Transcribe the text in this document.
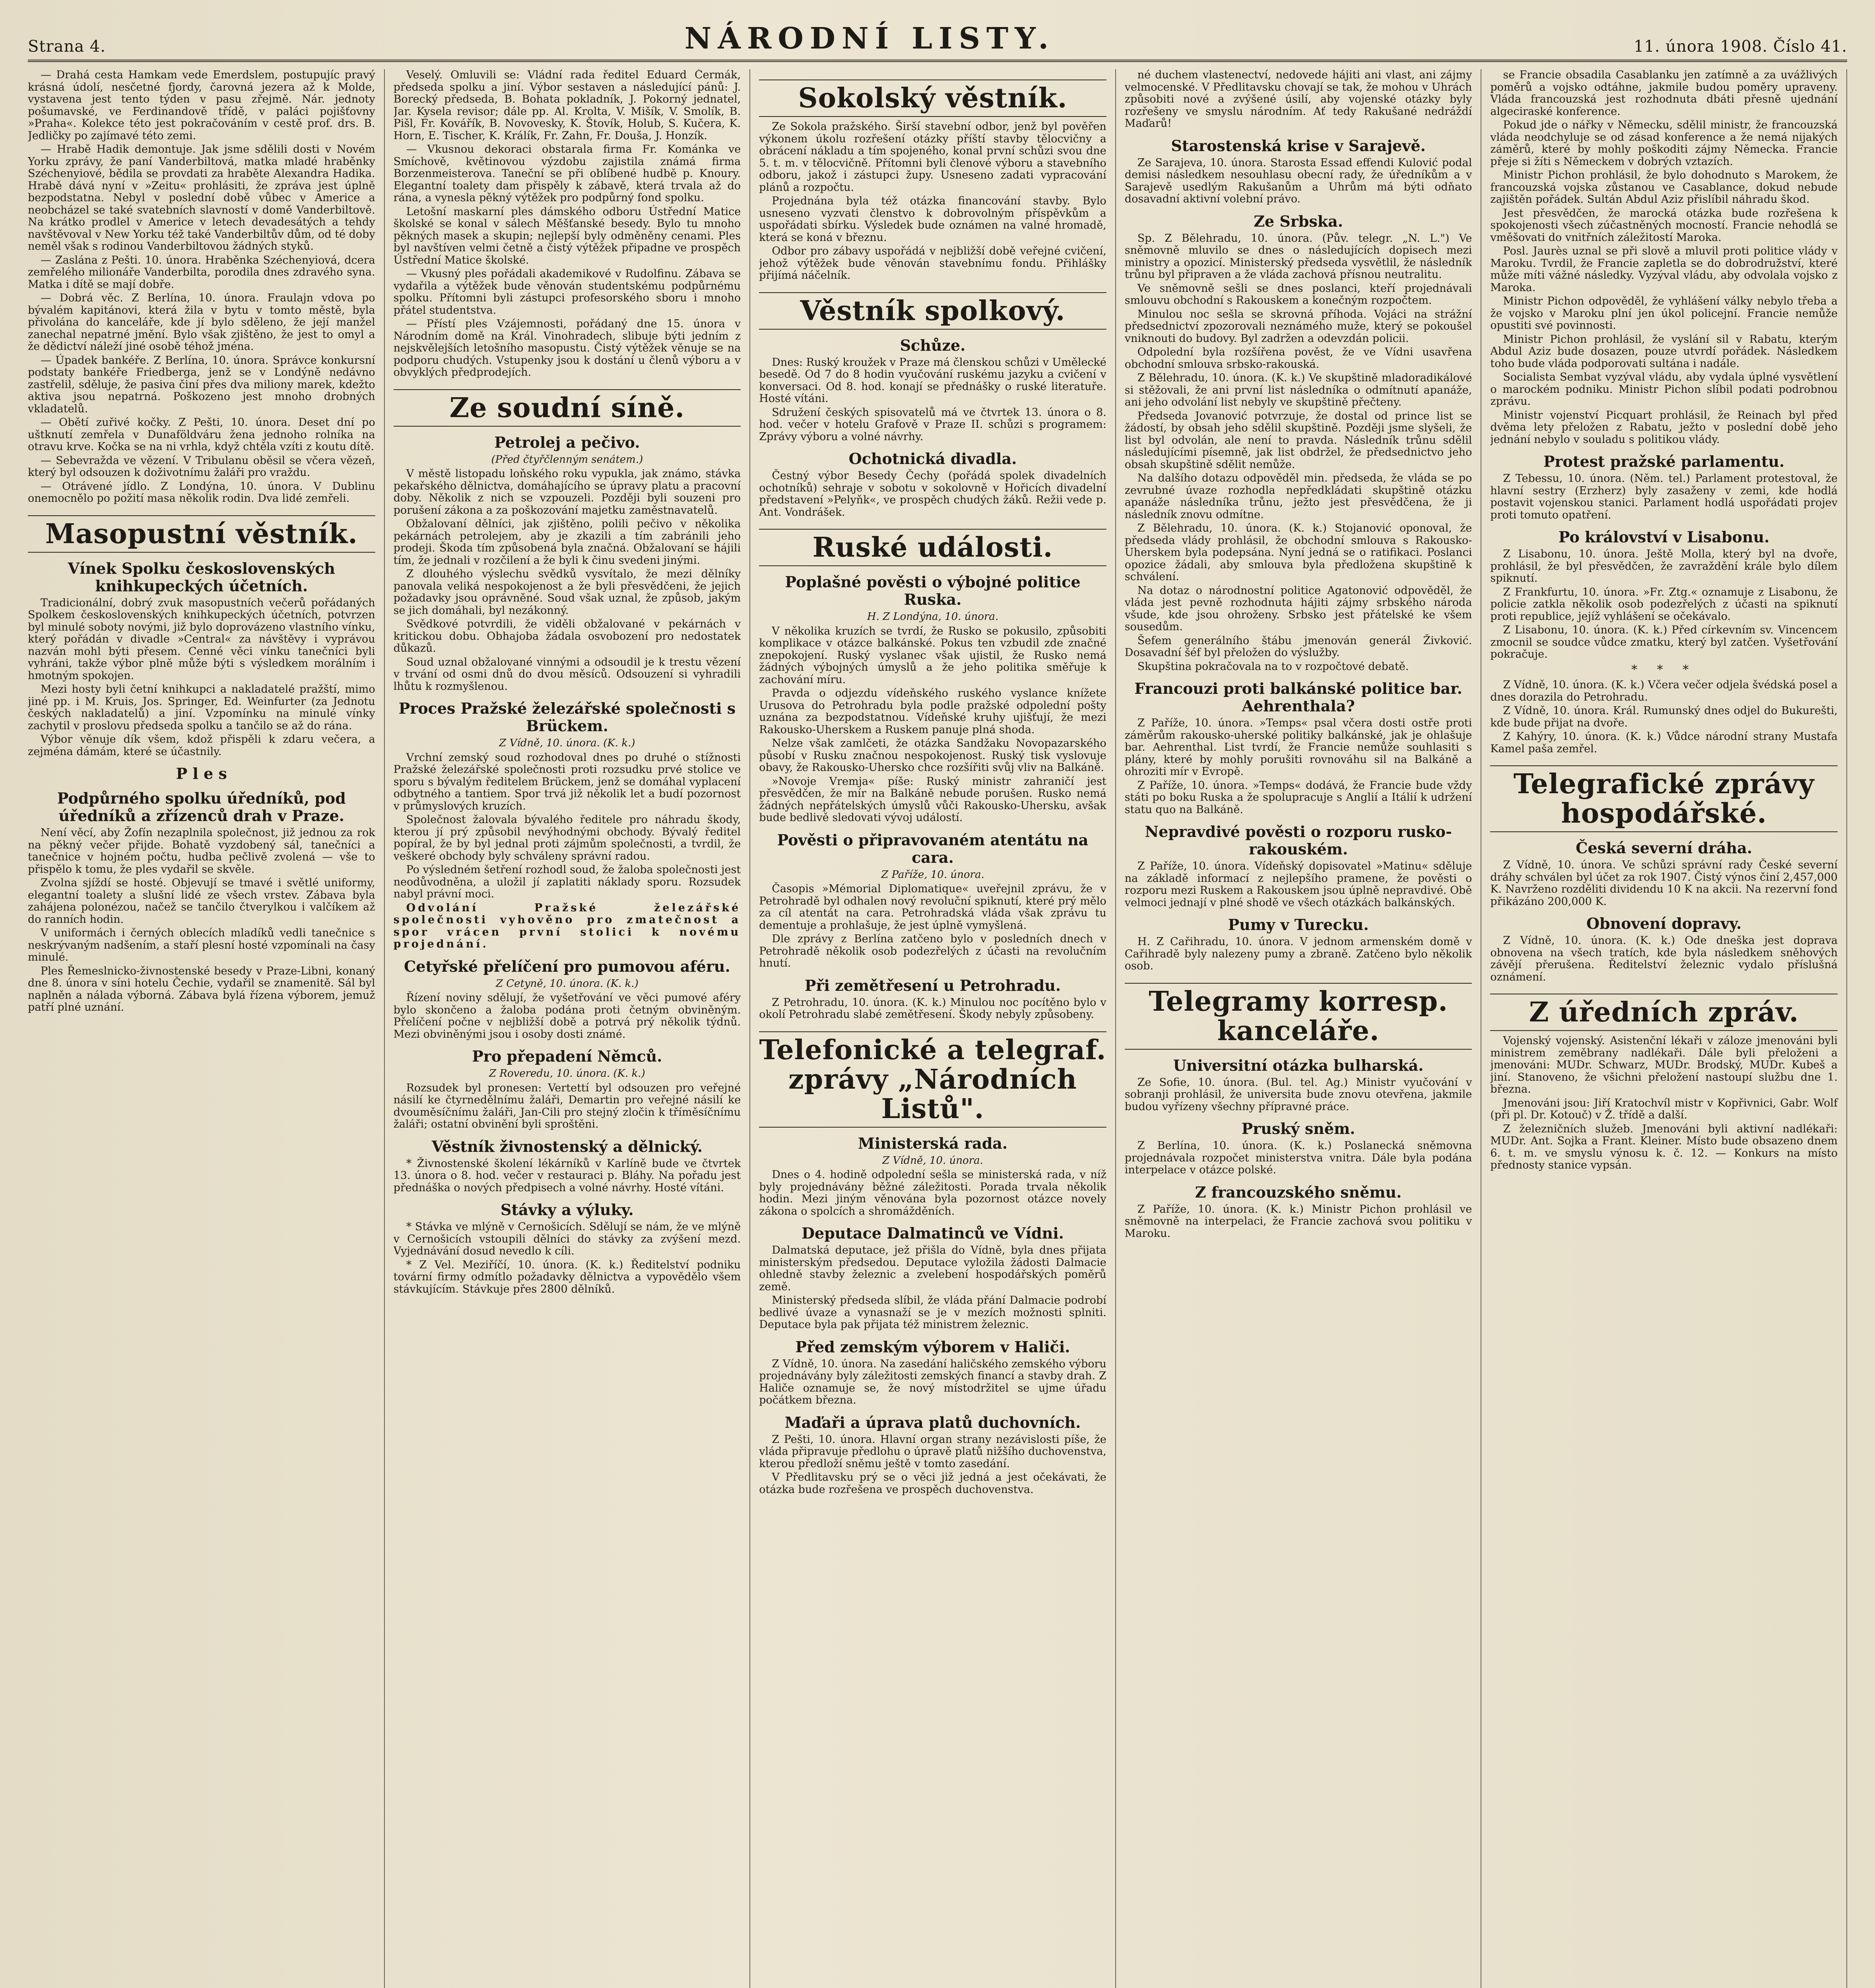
Strana 4.	NÁRODNÍ LISTY.	11. února 1908. Číslo 41.

— Drahá cesta Hamkam vede Emerdslem, postupujíc pravý krásná údolí, nesčetné fjordy, čarovná jezera až k Molde, vystavena jest tento týden v pasu zřejmě. Nár. jednoty pošumavské, ve Ferdinandově třídě, v paláci pojišťovny »Praha«. Kolekce této jest pokračováním v cestě prof. drs. B. Jedličky po zajímavé této zemi.

— Hrabě Hadik demontuje. Jak jsme sdělili dosti v Novém Yorku zprávy, že paní Vanderbiltová, matka mladé hraběnky Széchenyiové, bědila se provdati za hraběte Alexandra Hadika. Hrabě dává nyní v »Zeitu« prohlásiti, že zpráva jest úplně bezpodstatna. Nebyl v poslední době vůbec v Americe a neobcházel se také svatebních slavností v domě Vanderbiltově. Na krátko prodlel v Americe v letech devadesátých a tehdy navštěvoval v New Yorku též také Vanderbiltův dům, od té doby neměl však s rodinou Vanderbiltovou žádných styků.

— Zaslána z Pešti. 10. února. Hraběnka Széchenyiová, dcera zemřelého milionáře Vanderbilta, porodila dnes zdravého syna. Matka i dítě se mají dobře.

— Dobrá věc. Z Berlína, 10. února. Fraulajn vdova po bývalém kapitánovi, která žila v bytu v tomto městě, byla přivolána do kanceláře, kde jí bylo sděleno, že její manžel zanechal nepatrné jmění. Bylo však zjištěno, že jest to omyl a že dědictví náleží jiné osobě téhož jména.

— Úpadek bankéře. Z Berlína, 10. února. Správce konkursní podstaty bankéře Friedberga, jenž se v Londýně nedávno zastřelil, sděluje, že pasiva činí přes dva miliony marek, kdežto aktiva jsou nepatrná. Poškozeno jest mnoho drobných vkladatelů.

— Obětí zuřivé kočky. Z Pešti, 10. února. Deset dní po uštknutí zemřela v Dunaföldváru žena jednoho rolníka na otravu krve. Kočka se na ni vrhla, když chtěla vzíti z koutu dítě.

— Sebevražda ve vězení. V Tribulanu oběsil se včera vězeň, který byl odsouzen k doživotnímu žaláři pro vraždu.

— Otrávené jídlo. Z Londýna, 10. února. V Dublinu onemocnělo po požití masa několik rodin. Dva lidé zemřeli.

Masopustní věstník.
Vínek Spolku československých knihkupeckých účetních.

Tradicionální, dobrý zvuk masopustních večerů pořádaných Spolkem československých knihkupeckých účetních, potvrzen byl minulé soboty novými, již bylo doprovázeno vlastního vínku, který pořádán v divadle »Central« za návštěvy i vyprávou nazván mohl býti přesem. Cenné věci vínku tanečníci byli vyhráni, takže výbor plně může býti s výsledkem morálním i hmotným spokojen.

Mezi hosty byli četní knihkupci a nakladatelé pražští, mimo jiné pp. i M. Kruis, Jos. Springer, Ed. Weinfurter (za Jednotu českých nakladatelů) a jiní. Vzpomínku na minulé vínky zachytil v proslovu předseda spolku a tančilo se až do rána.

Výbor věnuje dík všem, kdož přispěli k zdaru večera, a zejména dámám, které se účastnily.

P l e s
Podpůrného spolku úředníků, pod úředníků a zřízenců drah v Praze.

Není věcí, aby Žofín nezaplnila společnost, již jednou za rok na pěkný večer přijde. Bohatě vyzdobený sál, tanečníci a tanečnice v hojném počtu, hudba pečlivě zvolená — vše to přispělo k tomu, že ples vydařil se skvěle.

Zvolna sjíždí se hosté. Objevují se tmavé i světlé uniformy, elegantní toalety a slušní lidé ze všech vrstev. Zábava byla zahájena polonézou, načež se tančilo čtverylkou i valčíkem až do ranních hodin.

V uniformách i černých oblecích mladíků vedli tanečnice s neskrývaným nadšením, a staří plesní hosté vzpomínali na časy minulé.

Ples Řemeslnicko-živnostenské besedy v Praze-Libni, konaný dne 8. února v síni hotelu Čechie, vydařil se znamenitě. Sál byl naplněn a nálada výborná. Zábava bylá řízena výborem, jemuž patří plné uznání.

Veselý. Omluvili se: Vládní rada ředitel Eduard Čermák, předseda spolku a jiní. Výbor sestaven a následující pánů: J. Borecký předseda, B. Bohata pokladník, J. Pokorný jednatel, Jar. Kysela revisor; dále pp. Al. Krolta, V. Mišík, V. Smolík, B. Pišl, Fr. Kovářík, B. Novovesky, K. Štovík, Holub, S. Kučera, K. Horn, E. Tischer, K. Králík, Fr. Zahn, Fr. Douša, J. Honzík.

— Vkusnou dekoraci obstarala firma Fr. Kománka ve Smíchově, květinovou výzdobu zajistila známá firma Borzenmeisterova. Taneční se při oblíbené hudbě p. Knoury. Elegantní toalety dam přispěly k zábavě, která trvala až do rána, a vynesla pěkný výtěžek pro podpůrný fond spolku.

Letošní maskarní ples dámského odboru Ústřední Matice školské se konal v sálech Měšťanské besedy. Bylo tu mnoho pěkných masek a skupin; nejlepší byly odměněny cenami. Ples byl navštíven velmi četně a čistý výtěžek připadne ve prospěch Ústřední Matice školské.

— Vkusný ples pořádali akademikové v Rudolfinu. Zábava se vydařila a výtěžek bude věnován studentskému podpůrnému spolku. Přítomni byli zástupci profesorského sboru i mnoho přátel studentstva.

— Přístí ples Vzájemnosti, pořádaný dne 15. února v Národním domě na Král. Vinohradech, slibuje býti jedním z nejskvělejších letošního masopustu. Čistý výtěžek věnuje se na podporu chudých. Vstupenky jsou k dostání u členů výboru a v obvyklých předprodejích.

Ze soudní síně.
Petrolej a pečivo.
(Před čtyřčlenným senátem.)

V městě listopadu loňského roku vypukla, jak známo, stávka pekařského dělnictva, domáhajícího se úpravy platu a pracovní doby. Několik z nich se vzpouzeli. Později byli souzeni pro porušení zákona a za poškozování majetku zaměstnavatelů.

Obžalovaní dělníci, jak zjištěno, polili pečivo v několika pekárnách petrolejem, aby je zkazili a tím zabránili jeho prodeji. Škoda tím způsobená byla značná. Obžalovaní se hájili tím, že jednali v rozčilení a že byli k činu svedeni jinými.

Z dlouhého výslechu svědků vysvítalo, že mezi dělníky panovala veliká nespokojenost a že byli přesvědčeni, že jejich požadavky jsou oprávněné. Soud však uznal, že způsob, jakým se jich domáhali, byl nezákonný.

Svědkové potvrdili, že viděli obžalované v pekárnách v kritickou dobu. Obhajoba žádala osvobození pro nedostatek důkazů.

Soud uznal obžalované vinnými a odsoudil je k trestu vězení v trvání od osmi dnů do dvou měsíců. Odsouzení si vyhradili lhůtu k rozmyšlenou.

Proces Pražské železářské společnosti s Brückem.
Z Vídně, 10. února. (K. k.)

Vrchní zemský soud rozhodoval dnes po druhé o stížnosti Pražské železářské společnosti proti rozsudku prvé stolice ve sporu s bývalým ředitelem Brückem, jenž se domáhal vyplacení odbytného a tantiem. Spor trvá již několik let a budí pozornost v průmyslových kruzích.

Společnost žalovala bývalého ředitele pro náhradu škody, kterou jí prý způsobil nevýhodnými obchody. Bývalý ředitel popíral, že by byl jednal proti zájmům společnosti, a tvrdil, že veškeré obchody byly schváleny správní radou.

Po výsledném šetření rozhodl soud, že žaloba společnosti jest neodůvodněna, a uložil jí zaplatiti náklady sporu. Rozsudek nabyl právní moci.

Odvolání Pražské železářské společnosti vyhověno pro zmatečnost a spor vrácen první stolici k novému projednání.

Cetyřské přelíčení pro pumovou aféru.
Z Cetyně, 10. února. (K. k.)

Řízení noviny sdělují, že vyšetřování ve věci pumové aféry bylo skončeno a žaloba podána proti četným obviněným. Přelíčení počne v nejbližší době a potrvá prý několik týdnů. Mezi obviněnými jsou i osoby dosti známé.

Pro přepadení Němců.
Z Roveredu, 10. února. (K. k.)

Rozsudek byl pronesen: Vertettí byl odsouzen pro veřejné násilí ke čtyrnedělnímu žaláři, Demartin pro veřejné násilí ke dvouměsíčnímu žaláři, Jan-Cili pro stejný zločin k tříměsíčnímu žaláři; ostatní obvinění byli sproštěni.

Věstník živnostenský a dělnický.

* Živnostenské školení lékárníků v Karlíně bude ve čtvrtek 13. února o 8. hod. večer v restauraci p. Bláhy. Na pořadu jest přednáška o nových předpisech a volné návrhy. Hosté vítáni.

Stávky a výluky.

* Stávka ve mlýně v Cernošicích. Sdělují se nám, že ve mlýně v Cernošicích vstoupili dělníci do stávky za zvýšení mezd. Vyjednávání dosud nevedlo k cíli.

* Z Vel. Meziříčí, 10. února. (K. k.) Ředitelství podniku tovární firmy odmítlo požadavky dělnictva a vypovědělo všem stávkujícím. Stávkuje přes 2800 dělníků.

Sokolský věstník.

Ze Sokola pražského. Širší stavební odbor, jenž byl pověřen výkonem úkolu rozřešení otázky příští stavby tělocvičny a obrácení nákladu a tím spojeného, konal první schůzi svou dne 5. t. m. v tělocvičně. Přítomni byli členové výboru a stavebního odboru, jakož i zástupci župy. Usneseno zadati vypracování plánů a rozpočtu.

Projednána byla též otázka financování stavby. Bylo usneseno vyzvati členstvo k dobrovolným příspěvkům a uspořádati sbírku. Výsledek bude oznámen na valné hromadě, která se koná v březnu.

Odbor pro zábavy uspořádá v nejbližší době veřejné cvičení, jehož výtěžek bude věnován stavebnímu fondu. Přihlášky přijímá náčelník.

Věstník spolkový.
Schůze.

Dnes: Ruský kroužek v Praze má členskou schůzi v Umělecké besedě. Od 7 do 8 hodin vyučování ruskému jazyku a cvičení v konversaci. Od 8. hod. konají se přednášky o ruské literatuře. Hosté vítáni.

Sdružení českých spisovatelů má ve čtvrtek 13. února o 8. hod. večer v hotelu Grafově v Praze II. schůzi s programem: Zprávy výboru a volné návrhy.

Ochotnická divadla.

Čestný výbor Besedy Čechy (pořádá spolek divadelních ochotníků) sehraje v sobotu v sokolovně v Hořicích divadelní představení »Pelyňk«, ve prospěch chudých žáků. Režii vede p. Ant. Vondrášek.

Ruské události.
Poplašné pověsti o výbojné politice Ruska.
H. Z Londýna, 10. února.

V několika kruzích se tvrdí, že Rusko se pokusilo, způsobiti komplikace v otázce balkánské. Pokus ten vzbudil zde značné znepokojení. Ruský vyslanec však ujistil, že Rusko nemá žádných výbojných úmyslů a že jeho politika směřuje k zachování míru.

Pravda o odjezdu vídeňského ruského vyslance knížete Urusova do Petrohradu byla podle pražské odpolední pošty uznána za bezpodstatnou. Vídeňské kruhy ujišťují, že mezi Rakousko-Uherskem a Ruskem panuje plná shoda.

Nelze však zamlčeti, že otázka Sandžaku Novopazarského působí v Rusku značnou nespokojenost. Ruský tisk vyslovuje obavy, že Rakousko-Uhersko chce rozšířiti svůj vliv na Balkáně.

»Novoje Vremja« píše: Ruský ministr zahraničí jest přesvědčen, že mír na Balkáně nebude porušen. Rusko nemá žádných nepřátelských úmyslů vůči Rakousko-Uhersku, avšak bude bedlivě sledovati vývoj událostí.

Pověsti o připravovaném atentátu na cara.
Z Paříže, 10. února.

Časopis »Mémorial Diplomatique« uveřejnil zprávu, že v Petrohradě byl odhalen nový revoluční spiknutí, které prý mělo za cíl atentát na cara. Petrohradská vláda však zprávu tu dementuje a prohlašuje, že jest úplně vymyšlená.

Dle zprávy z Berlína zatčeno bylo v posledních dnech v Petrohradě několik osob podezřelých z účasti na revolučním hnutí.

Při zemětřesení u Petrohradu.

Z Petrohradu, 10. února. (K. k.) Minulou noc pocítěno bylo v okolí Petrohradu slabé zemětřesení. Škody nebyly způsobeny.

Telefonické a telegraf. zprávy „Národních Listů".
Ministerská rada.
Z Vídně, 10. února.

Dnes o 4. hodině odpolední sešla se ministerská rada, v níž byly projednávány běžné záležitosti. Porada trvala několik hodin. Mezi jiným věnována byla pozornost otázce novely zákona o spolcích a shromážděních.

Deputace Dalmatinců ve Vídni.

Dalmatská deputace, jež přišla do Vídně, byla dnes přijata ministerským předsedou. Deputace vyložila žádosti Dalmacie ohledně stavby železnic a zvelebení hospodářských poměrů země.

Ministerský předseda slíbil, že vláda přání Dalmacie podrobí bedlivé úvaze a vynasnaží se je v mezích možnosti splniti. Deputace byla pak přijata též ministrem železnic.

Před zemským výborem v Haliči.

Z Vídně, 10. února. Na zasedání haličského zemského výboru projednávány byly záležitosti zemských financí a stavby drah. Z Haliče oznamuje se, že nový místodržitel se ujme úřadu počátkem března.

Maďaři a úprava platů duchovních.

Z Pešti, 10. února. Hlavní organ strany nezávislosti píše, že vláda připravuje předlohu o úpravě platů nižšího duchovenstva, kterou předloží sněmu ještě v tomto zasedání.

V Předlitavsku prý se o věci již jedná a jest očekávati, že otázka bude rozřešena ve prospěch duchovenstva.

né duchem vlastenectví, nedovede hájiti ani vlast, ani zájmy velmocenské. V Předlitavsku chovají se tak, že mohou v Uhrách způsobiti nové a zvýšené úsilí, aby vojenské otázky byly rozřešeny ve smyslu národním. Ať tedy Rakušané nedráždí Maďarů!

Starostenská krise v Sarajevě.

Ze Sarajeva, 10. února. Starosta Essad effendi Kulović podal demisi následkem nesouhlasu obecní rady, že úředníkům a v Sarajevě usedlým Rakušanům a Uhrům má býti odňato dosavadní aktivní volební právo.

Ze Srbska.

Sp. Z Bělehradu, 10. února. (Pův. telegr. „N. L.") Ve sněmovně mluvilo se dnes o následujících dopisech mezi ministry a opozicí. Ministerský předseda vysvětlil, že následník trůnu byl připraven a že vláda zachová přísnou neutralitu.

Ve sněmovně sešli se dnes poslanci, kteří projednávali smlouvu obchodní s Rakouskem a konečným rozpočtem.

Minulou noc sešla se skrovná příhoda. Vojáci na strážní předsednictví zpozorovali neznámého muže, který se pokoušel vniknouti do budovy. Byl zadržen a odevzdán policii.

Odpolední byla rozšířena pověst, že ve Vídni usavřena obchodní smlouva srbsko-rakouská.

Z Bělehradu, 10. února. (K. k.) Ve skupštině mladoradikálové si stěžovali, že ani první list následníka o odmítnutí apanáže, ani jeho odvolání list nebyly ve skupštině přečteny.

Předseda Jovanović potvrzuje, že dostal od prince list se žádostí, by obsah jeho sdělil skupštině. Později jsme slyšeli, že list byl odvolán, ale není to pravda. Následník trůnu sdělil následujícími písemně, jak list obdržel, že předsednictvo jeho obsah skupštině sdělit nemůže.

Na dalšího dotazu odpověděl min. předseda, že vláda se po zevrubné úvaze rozhodla nepředkládati skupštině otázku apanáže následníka trůnu, ježto jest přesvědčena, že ji následník znovu odmítne.

Z Bělehradu, 10. února. (K. k.) Stojanović oponoval, že předseda vlády prohlásil, že obchodní smlouva s Rakousko-Uherskem byla podepsána. Nyní jedná se o ratifikaci. Poslanci opozice žádali, aby smlouva byla předložena skupštině k schválení.

Na dotaz o národnostní politice Agatonović odpověděl, že vláda jest pevně rozhodnuta hájiti zájmy srbského národa všude, kde jsou ohroženy. Srbsko jest přátelské ke všem sousedům.

Šefem generálního štábu jmenován generál Živković. Dosavadní šéf byl přeložen do výslužby.

Skupština pokračovala na to v rozpočtové debatě.

Francouzi proti balkánské politice bar. Aehrenthala?

Z Paříže, 10. února. »Temps« psal včera dosti ostře proti záměrům rakousko-uherské politiky balkánské, jak je ohlašuje bar. Aehrenthal. List tvrdí, že Francie nemůže souhlasiti s plány, které by mohly porušiti rovnováhu sil na Balkáně a ohroziti mír v Evropě.

Z Paříže, 10. února. »Temps« dodává, že Francie bude vždy státi po boku Ruska a že spolupracuje s Anglií a Itálií k udržení statu quo na Balkáně.

Nepravdivé pověsti o rozporu rusko-rakouském.

Z Paříže, 10. února. Vídeňský dopisovatel »Matinu« sděluje na základě informací z nejlepšího pramene, že pověsti o rozporu mezi Ruskem a Rakouskem jsou úplně nepravdivé. Obě velmoci jednají v plné shodě ve všech otázkách balkánských.

Pumy v Turecku.

H. Z Cařihradu, 10. února. V jednom armenském domě v Cařihradě byly nalezeny pumy a zbraně. Zatčeno bylo několik osob.

Telegramy korresp. kanceláře.
Universitní otázka bulharská.

Ze Sofie, 10. února. (Bul. tel. Ag.) Ministr vyučování v sobranji prohlásil, že universita bude znovu otevřena, jakmile budou vyřízeny všechny přípravné práce.

Pruský sněm.

Z Berlína, 10. února. (K. k.) Poslanecká sněmovna projednávala rozpočet ministerstva vnitra. Dále byla podána interpelace v otázce polské.

Z francouzského sněmu.

Z Paříže, 10. února. (K. k.) Ministr Pichon prohlásil ve sněmovně na interpelaci, že Francie zachová svou politiku v Maroku.

se Francie obsadila Casablanku jen zatímně a za uvážlivých poměrů a vojsko odtáhne, jakmile budou poměry upraveny. Vláda francouzská jest rozhodnuta dbáti přesně ujednání algeciraské konference.

Pokud jde o nářky v Německu, sdělil ministr, že francouzská vláda neodchyluje se od zásad konference a že nemá nijakých záměrů, které by mohly poškoditi zájmy Německa. Francie přeje si žíti s Německem v dobrých vztazích.

Ministr Pichon prohlásil, že bylo dohodnuto s Marokem, že francouzská vojska zůstanou ve Casablance, dokud nebude zajištěn pořádek. Sultán Abdul Aziz přislíbil náhradu škod.

Jest přesvědčen, že marocká otázka bude rozřešena k spokojenosti všech zúčastněných mocností. Francie nehodlá se vměšovati do vnitřních záležitostí Maroka.

Posl. Jaurès uznal se při slově a mluvil proti politice vlády v Maroku. Tvrdil, že Francie zapletla se do dobrodružství, které může míti vážné následky. Vyzýval vládu, aby odvolala vojsko z Maroka.

Ministr Pichon odpověděl, že vyhlášení války nebylo třeba a že vojsko v Maroku plní jen úkol policejní. Francie nemůže opustiti své povinnosti.

Ministr Pichon prohlásil, že vyslání sil v Rabatu, kterým Abdul Aziz bude dosazen, pouze utvrdí pořádek. Následkem toho bude vláda podporovati sultána i nadále.

Socialista Sembat vyzýval vládu, aby vydala úplné vysvětlení o marockém podniku. Ministr Pichon slíbil podati podrobnou zprávu.

Ministr vojenství Picquart prohlásil, že Reinach byl před dvěma lety přeložen z Rabatu, ježto v poslední době jeho jednání nebylo v souladu s politikou vlády.

Protest pražské parlamentu.

Z Tebessu, 10. února. (Něm. tel.) Parlament protestoval, že hlavní sestry (Erzherz) byly zasaženy v zemi, kde hodlá postavit vojenskou stanici. Parlament hodlá uspořádati projev proti tomuto opatření.

Po království v Lisabonu.

Z Lisabonu, 10. února. Ještě Molla, který byl na dvoře, prohlásil, že byl přesvědčen, že zavraždění krále bylo dílem spiknutí.

Z Frankfurtu, 10. února. »Fr. Ztg.« oznamuje z Lisabonu, že policie zatkla několik osob podezřelých z účasti na spiknutí proti republice, jejíž vyhlášení se očekávalo.

Z Lisabonu, 10. února. (K. k.) Před církevním sv. Vincencem zmocnil se soudce vůdce zmatku, který byl zatčen. Vyšetřování pokračuje.

* * *

Z Vídně, 10. února. (K. k.) Včera večer odjela švédská posel a dnes dorazila do Petrohradu.

Z Vídně, 10. února. Král. Rumunský dnes odjel do Bukurešti, kde bude přijat na dvoře.

Z Kahýry, 10. února. (K. k.) Vůdce národní strany Mustafa Kamel paša zemřel.

Telegrafické zprávy hospodářské.
Česká severní dráha.

Z Vídně, 10. února. Ve schůzi správní rady České severní dráhy schválen byl účet za rok 1907. Čistý výnos činí 2,457,000 K. Navrženo rozděliti dividendu 10 K na akcii. Na rezervní fond přikázáno 200,000 K.

Obnovení dopravy.

Z Vídně, 10. února. (K. k.) Ode dneška jest doprava obnovena na všech tratích, kde byla následkem sněhových závějí přerušena. Ředitelství železnic vydalo příslušná oznámení.

Z úředních zpráv.

Vojenský vojenský. Asistenční lékaři v záloze jmenováni byli ministrem zeměbrany nadlékaři. Dále byli přeloženi a jmenováni: MUDr. Schwarz, MUDr. Brodský, MUDr. Kubeš a jiní. Stanoveno, že všichni přeložení nastoupí službu dne 1. března.

Jmenováni jsou: Jiří Kratochvíl mistr v Kopřivnici, Gabr. Wolf (při pl. Dr. Kotouč) v Ž. třídě a další.

Z železničních služeb. Jmenováni byli aktivní nadlékaři: MUDr. Ant. Sojka a Frant. Kleiner. Místo bude obsazeno dnem 6. t. m. ve smyslu výnosu k. č. 12. — Konkurs na místo přednosty stanice vypsán.
